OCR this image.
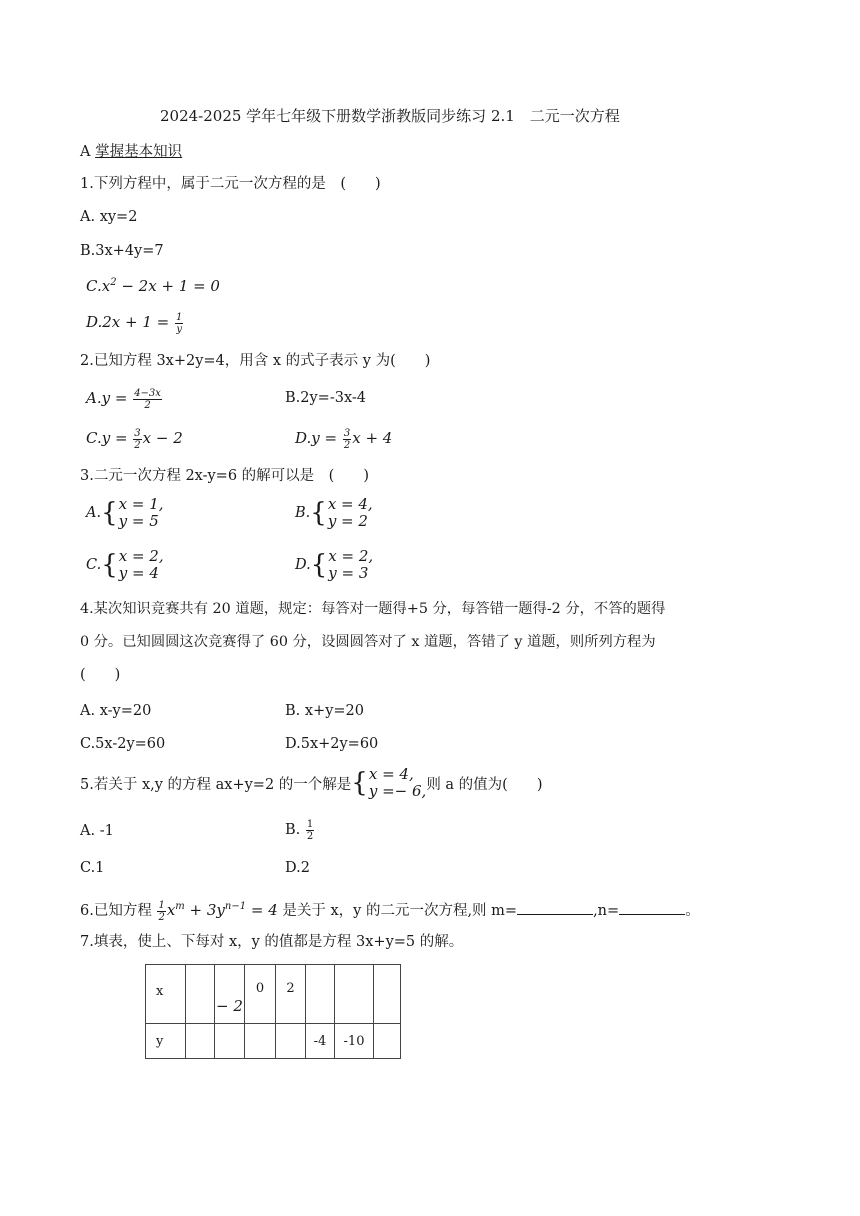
2024-2025 学年七年级下册数学浙教版同步练习 2.1　二元一次方程
A 掌握基本知识
1.下列方程中，属于二元一次方程的是　(　　)
A. xy=2
B.3x+4y=7
$C.x^2 - 2x + 1 = 0$
$D.2x + 1 = \frac{1}{y}$
2.已知方程 3x+2y=4，用含 x 的式子表示 y 为(　　)
$A.y = \frac{4-3x}{2}$	B.2y=-3x-4
$C.y = \frac{3}{2}$ x − 2	$D.y = \frac{3}{2}$ x + 4
3.二元一次方程 2x-y=6 的解可以是　(　　)
A. { x = 1,
y = 5	B. { x = 4,
y = 2
C. { x = 2,
y = 4	D. { x = 2,
y = 3
4.某次知识竞赛共有 20 道题，规定：每答对一题得+5 分，每答错一题得-2 分，不答的题得
0 分。已知圆圆这次竞赛得了 60 分，设圆圆答对了 x 道题，答错了 y 道题，则所列方程为
(　　)
A. x-y=20	B. x+y=20
C.5x-2y=60	D.5x+2y=60
5.若关于 x,y 的方程 ax+y=2 的一个解是 { x = 4,
y =− 6, 则 a 的值为(　　)
A. -1	B. $\frac{1}{2}$
C.1	D.2
6.已知方程 $\frac{1}{2} x^m + 3y^{n-1} = 4$ 是关于 x，y 的二元一次方程,则 m=	,n=	。
7.填表，使上、下每对 x，y 的值都是方程 3x+y=5 的解。
x		− 2	0	2			
y					-4	-10	
